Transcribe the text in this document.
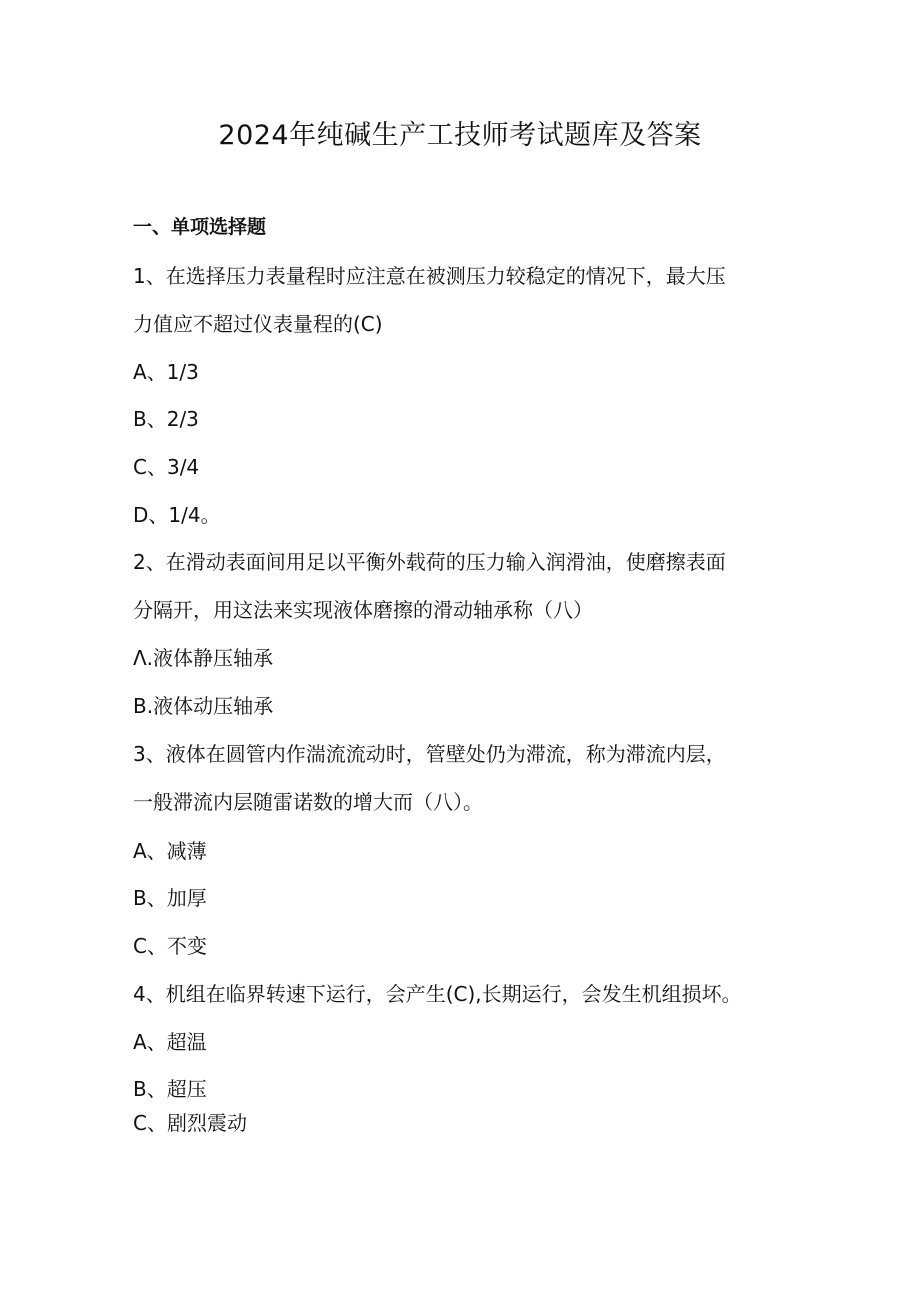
2024年纯碱生产工技师考试题库及答案
一、单项选择题
1、在选择压力表量程时应注意在被测压力较稳定的情况下，最大压
力值应不超过仪表量程的(C)
A、1/3
B、2/3
C、3/4
D、1/4。
2、在滑动表面间用足以平衡外载荷的压力输入润滑油，使磨擦表面
分隔开，用这法来实现液体磨擦的滑动轴承称（八）
Λ.液体静压轴承
B.液体动压轴承
3、液体在圆管内作湍流流动时，管壁处仍为滞流，称为滞流内层，
一般滞流内层随雷诺数的增大而（八）。
A、减薄
B、加厚
C、不变
4、机组在临界转速下运行，会产生(C),长期运行，会发生机组损坏。
A、超温
B、超压
C、剧烈震动
